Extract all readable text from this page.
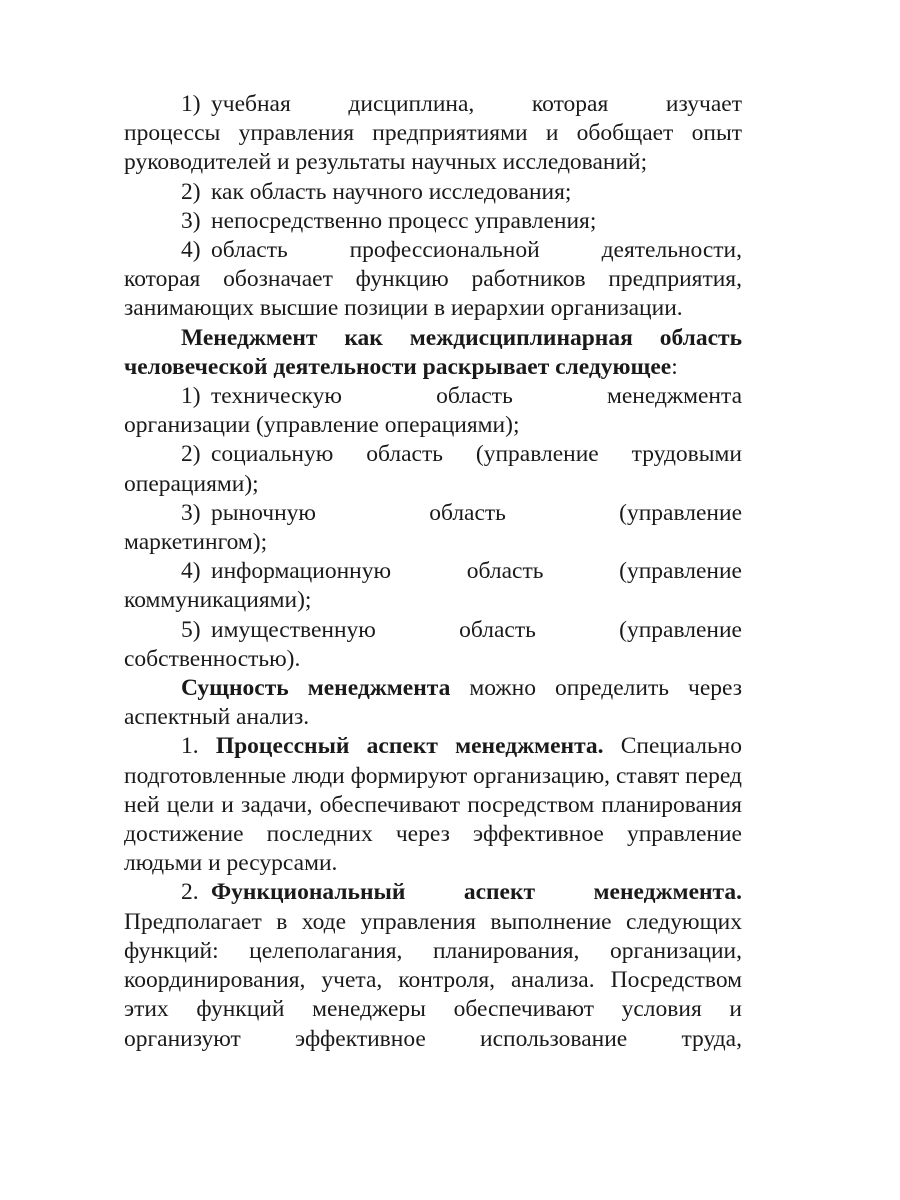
1) учебная дисциплина, которая изучает

процессы управления предприятиями и обобщает опыт руководителей и результаты научных исследований;

2) как область научного исследования;
3) непосредственно процесс управления;
4) область профессиональной деятельности,

которая обозначает функцию работников предприятия, занимающих высшие позиции в иерархии организации.

Менеджмент как междисциплинарная область человеческой деятельности раскрывает следующее:

1) техническую область менеджмента

организации (управление операциями);

2) социальную область (управление трудовыми

операциями);

3) рыночную область (управление

маркетингом);

4) информационную область (управление

коммуникациями);

5) имущественную область (управление

собственностью).

Сущность менеджмента можно определить через аспектный анализ.

1. Процессный аспект менеджмента. Специально подготовленные люди формируют организацию, ставят перед ней цели и задачи, обеспечивают посредством планирования достижение последних через эффективное управление людьми и ресурсами.

2. Функциональный аспект менеджмента.

Предполагает в ходе управления выполнение следующих функций: целеполагания, планирования, организации, координирования, учета, контроля, анализа. Посредством этих функций менеджеры обеспечивают условия и

организуют эффективное использование труда,
